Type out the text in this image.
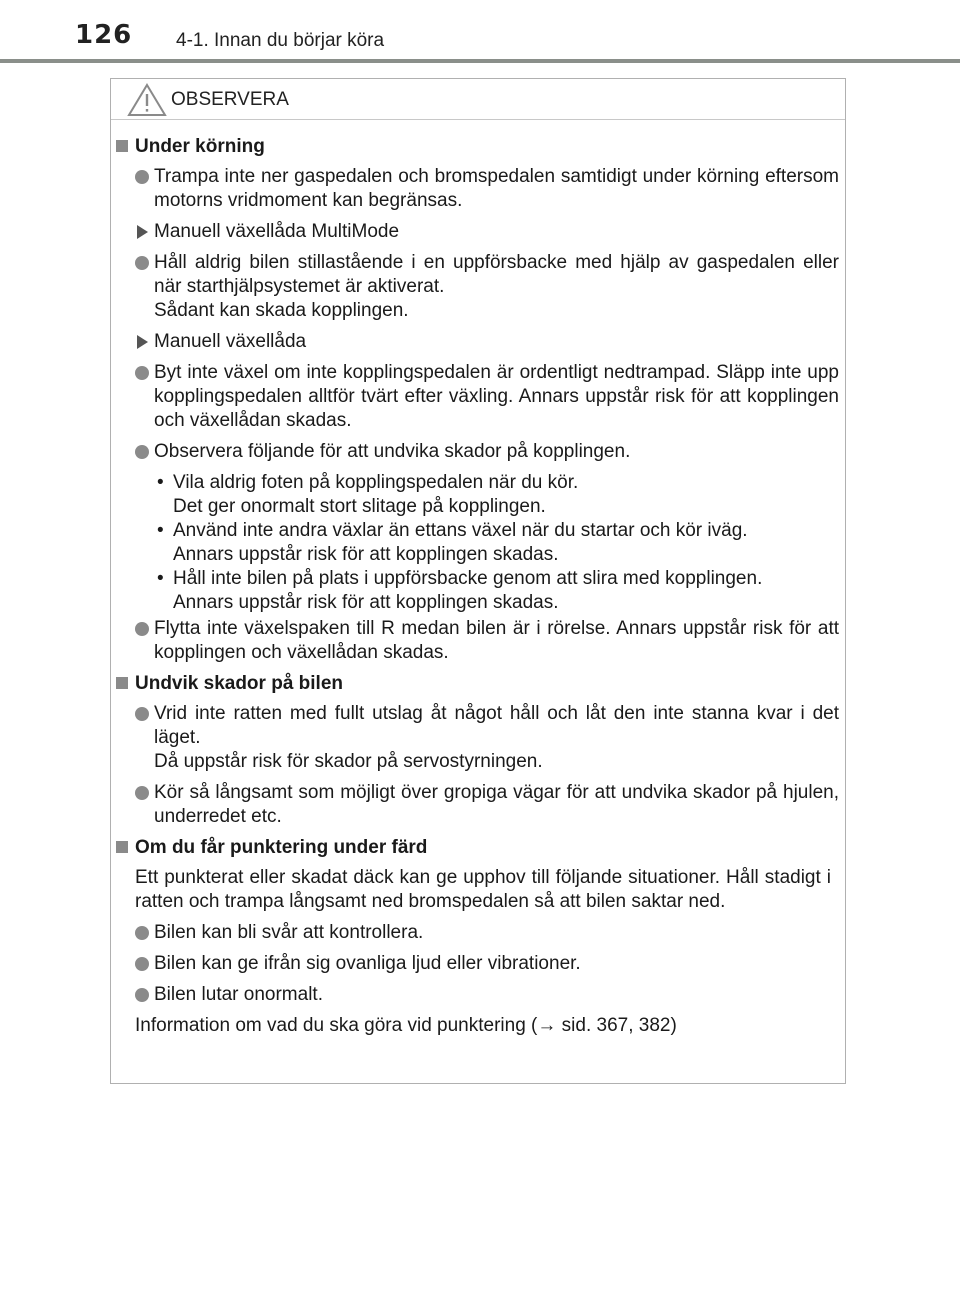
126 4-1. Innan du börjar köra
OBSERVERA
Under körning
Trampa inte ner gaspedalen och bromspedalen samtidigt under körning eftersom motorns vridmoment kan begränsas.
Manuell växellåda MultiMode
Håll aldrig bilen stillastående i en uppförsbacke med hjälp av gaspedalen eller när starthjälpsystemet är aktiverat.
Sådant kan skada kopplingen.
Manuell växellåda
Byt inte växel om inte kopplingspedalen är ordentligt nedtrampad. Släpp inte upp kopplingspedalen alltför tvärt efter växling. Annars uppstår risk för att kopplingen och växellådan skadas.
Observera följande för att undvika skador på kopplingen.
• Vila aldrig foten på kopplingspedalen när du kör.
Det ger onormalt stort slitage på kopplingen.
• Använd inte andra växlar än ettans växel när du startar och kör iväg.
Annars uppstår risk för att kopplingen skadas.
• Håll inte bilen på plats i uppförsbacke genom att slira med kopplingen.
Annars uppstår risk för att kopplingen skadas.
Flytta inte växelspaken till R medan bilen är i rörelse. Annars uppstår risk för att kopplingen och växellådan skadas.
Undvik skador på bilen
Vrid inte ratten med fullt utslag åt något håll och låt den inte stanna kvar i det läget.
Då uppstår risk för skador på servostyrningen.
Kör så långsamt som möjligt över gropiga vägar för att undvika skador på hjulen, underredet etc.
Om du får punktering under färd
Ett punkterat eller skadat däck kan ge upphov till följande situationer. Håll stadigt i ratten och trampa långsamt ned bromspedalen så att bilen saktar ned.
Bilen kan bli svår att kontrollera.
Bilen kan ge ifrån sig ovanliga ljud eller vibrationer.
Bilen lutar onormalt.
Information om vad du ska göra vid punktering (→ sid. 367, 382)
